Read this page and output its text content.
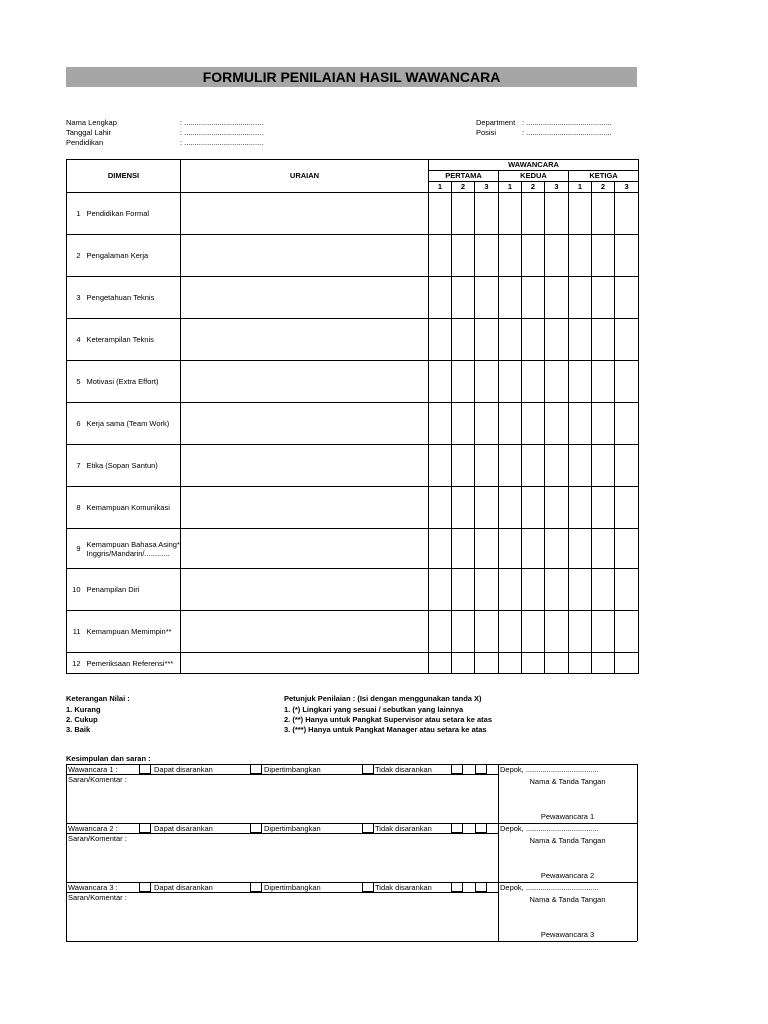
FORMULIR PENILAIAN HASIL WAWANCARA
Nama Lengkap	: ......................................
Tanggal Lahir	: ......................................
Pendidikan	: ......................................
Department : .........................................
Posisi	: .........................................
DIMENSI		URAIAN	WAWANCARA								
			PERTAMA			KEDUA			KETIGA		
			1	2	3	1	2	3	1	2	3
1	Pendidikan Formal										
2	Pengalaman Kerja										
3	Pengetahuan Teknis										
4	Keterampilan Teknis										
5	Motivasi (Extra Effort)										
6	Kerja sama (Team Work)										
7	Etika (Sopan Santun)										
8	Kemampuan Komunikasi										
9	Kemampuan Bahasa Asing* Inggris/Mandarin/............										
10	Penampilan Diri										
11	Kemampuan Memimpin**										
12	Pemeriksaan Referensi***										
Keterangan Nilai :
1. Kurang
2. Cukup
3. Baik
Petunjuk Penilaian : (Isi dengan menggunakan tanda X)
1. (*) Lingkari yang sesuai / sebutkan yang lainnya
2. (**) Hanya untuk Pangkat Supervisor atau setara ke atas
3. (***) Hanya untuk Pangkat Manager atau setara ke atas
Kesimpulan dan saran :
Wawancara 1 :	Dapat disarankan	Dipertimbangkan	Tidak disarankan
Saran/Komentar :
Depok, ...................................
Nama & Tanda Tangan
Pewawancara 1
Wawancara 2 :	Dapat disarankan	Dipertimbangkan	Tidak disarankan
Saran/Komentar :
Depok, ...................................
Nama & Tanda Tangan
Pewawancara 2
Wawancara 3 :	Dapat disarankan	Dipertimbangkan	Tidak disarankan
Saran/Komentar :
Depok, ...................................
Nama & Tanda Tangan
Pewawancara 3
